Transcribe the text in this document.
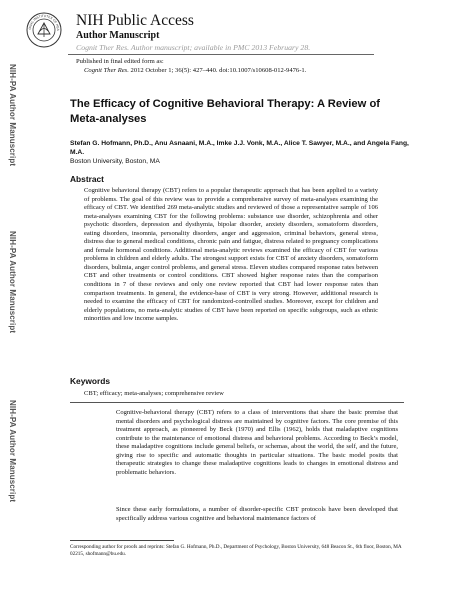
ONAL INSTITUTES OF HEA
NIH Public Access
Author Manuscript
Cognit Ther Res. Author manuscript; available in PMC 2013 February 28.
Published in final edited form as:
Cognit Ther Res. 2012 October 1; 36(5): 427–440. doi:10.1007/s10608-012-9476-1.
NIH-PA Author Manuscript
NIH-PA Author Manuscript
NIH-PA Author Manuscript
The Efficacy of Cognitive Behavioral Therapy: A Review of Meta-analyses
Stefan G. Hofmann, Ph.D., Anu Asnaani, M.A., Imke J.J. Vonk, M.A., Alice T. Sawyer, M.A., and Angela Fang, M.A.
Boston University, Boston, MA
Abstract
Cognitive behavioral therapy (CBT) refers to a popular therapeutic approach that has been applied to a variety of problems. The goal of this review was to provide a comprehensive survey of meta-analyses examining the efficacy of CBT. We identified 269 meta-analytic studies and reviewed of those a representative sample of 106 meta-analyses examining CBT for the following problems: substance use disorder, schizophrenia and other psychotic disorders, depression and dysthymia, bipolar disorder, anxiety disorders, somatoform disorders, eating disorders, insomnia, personality disorders, anger and aggression, criminal behaviors, general stress, distress due to general medical conditions, chronic pain and fatigue, distress related to pregnancy complications and female hormonal conditions. Additional meta-analytic reviews examined the efficacy of CBT for various problems in children and elderly adults. The strongest support exists for CBT of anxiety disorders, somatoform disorders, bulimia, anger control problems, and general stress. Eleven studies compared response rates between CBT and other treatments or control conditions. CBT showed higher response rates than the comparison conditions in 7 of these reviews and only one review reported that CBT had lower response rates than comparison treatments. In general, the evidence-base of CBT is very strong. However, additional research is needed to examine the efficacy of CBT for randomized-controlled studies. Moreover, except for children and elderly populations, no meta-analytic studies of CBT have been reported on specific subgroups, such as ethnic minorities and low income samples.
Keywords
CBT; efficacy; meta-analyses; comprehensive review
Cognitive-behavioral therapy (CBT) refers to a class of interventions that share the basic premise that mental disorders and psychological distress are maintained by cognitive factors. The core premise of this treatment approach, as pioneered by Beck (1970) and Ellis (1962), holds that maladaptive cognitions contribute to the maintenance of emotional distress and behavioral problems. According to Beck’s model, these maladaptive cognitions include general beliefs, or schemas, about the world, the self, and the future, giving rise to specific and automatic thoughts in particular situations. The basic model posits that therapeutic strategies to change these maladaptive cognitions leads to changes in emotional distress and problematic behaviors.
Since these early formulations, a number of disorder-specific CBT protocols have been developed that specifically address various cognitive and behavioral maintenance factors of
Corresponding author for proofs and reprints: Stefan G. Hofmann, Ph.D., Department of Psychology, Boston University, 648 Beacon St., 6th floor, Boston, MA 02215, shofmann@bu.edu.
